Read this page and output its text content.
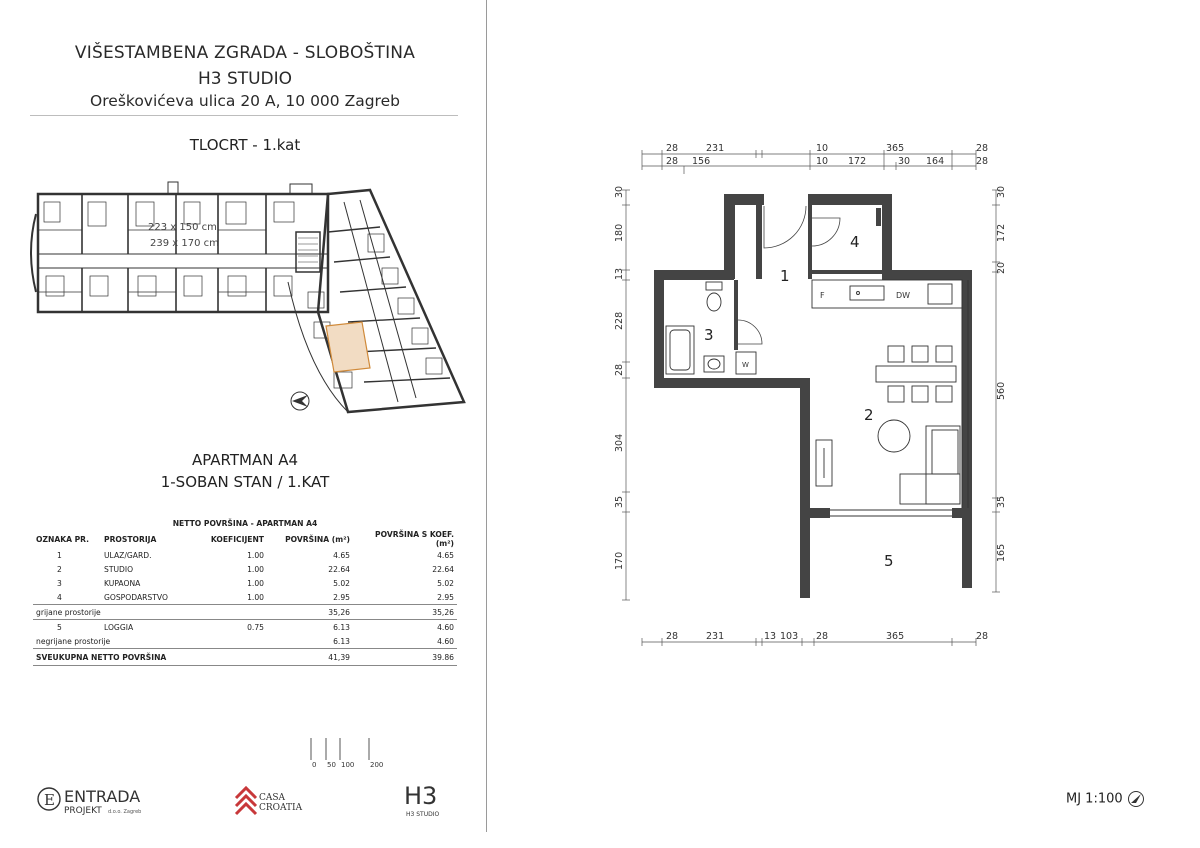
VIŠESTAMBENA ZGRADA - SLOBOŠTINA
H3 STUDIO
Oreškovićeva ulica 20 A, 10 000 Zagreb
TLOCRT - 1.kat
223 x 150 cm
239 x 170 cm
APARTMAN A4
1-SOBAN STAN / 1.KAT
NETTO POVRŠINA - APARTMAN A4				
OZNAKA PR.	PROSTORIJA	KOEFICIJENT	POVRŠINA (m²)	POVRŠINA S KOEF. (m²)
1	ULAZ/GARD.	1.00	4.65	4.65
2	STUDIO	1.00	22.64	22.64
3	KUPAONA	1.00	5.02	5.02
4	GOSPODARSTVO	1.00	2.95	2.95
grijane prostorije			35,26	35,26
5	LOGGIA	0.75	6.13	4.60
negrijane prostorije			6.13	4.60
SVEUKUPNA NETTO POVRŠINA			41,39	39.86
0 50 100 200
E ENTRADA
PROJEKT d.o.o. Zagreb
CASA
CROATIA	H3
H3 STUDIO
28	231	10	365	28
28 156	10 172	30 164	28
30
180
13
228
28
304
35
170
30
172
20
560
35
165
28	231	13 103 28	365	28
F	DW
W
1
2
3
4
5
MJ 1:100
